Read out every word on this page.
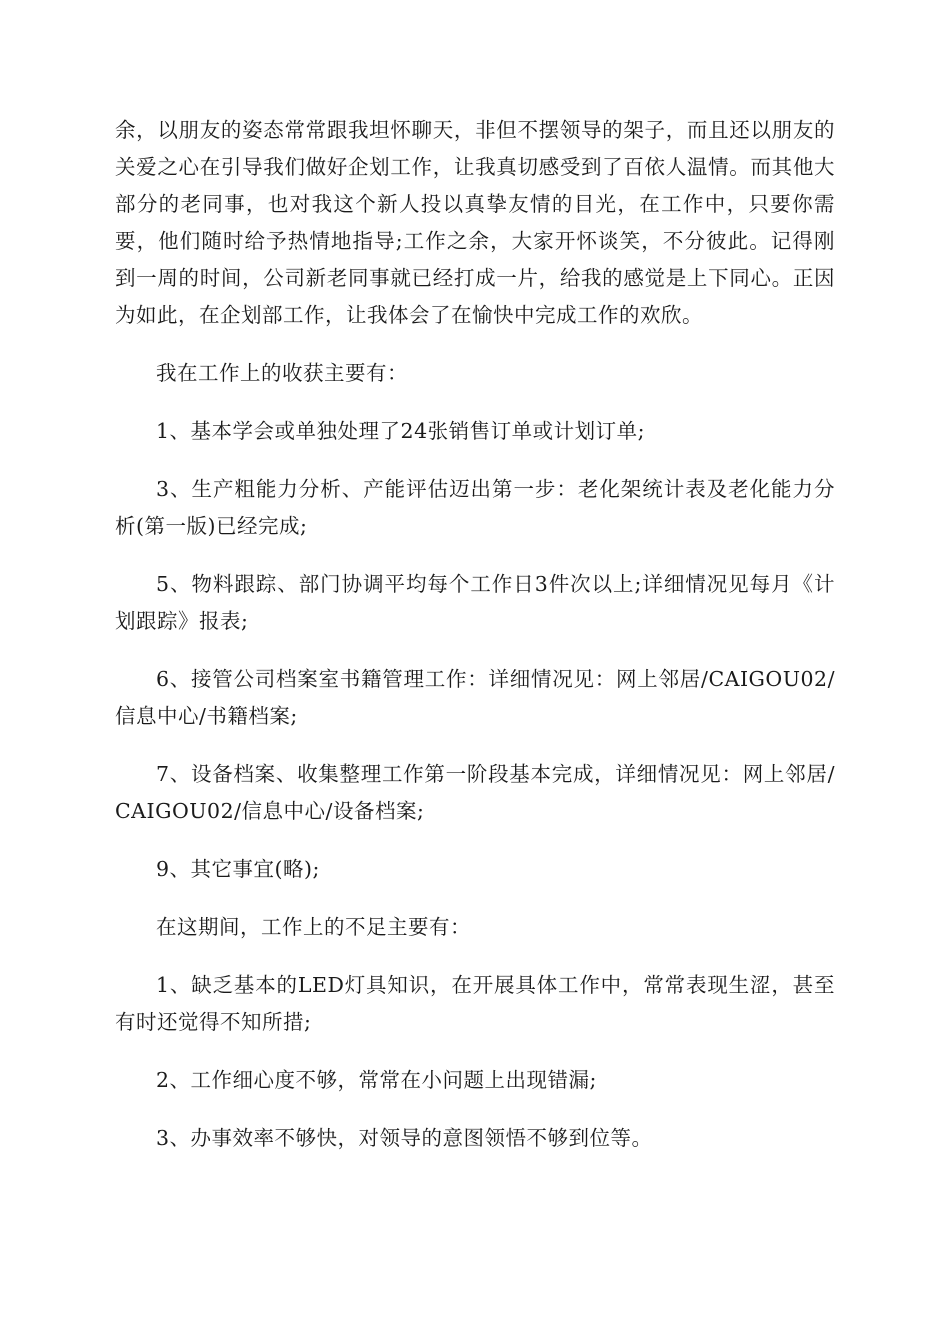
余，以朋友的姿态常常跟我坦怀聊天，非但不摆领导的架子，而且还以朋友的关爱之心在引导我们做好企划工作，让我真切感受到了百依人温情。而其他大部分的老同事，也对我这个新人投以真挚友情的目光，在工作中，只要你需要，他们随时给予热情地指导;工作之余，大家开怀谈笑，不分彼此。记得刚到一周的时间，公司新老同事就已经打成一片，给我的感觉是上下同心。正因为如此，在企划部工作，让我体会了在愉快中完成工作的欢欣。

我在工作上的收获主要有：

1、基本学会或单独处理了24张销售订单或计划订单;

3、生产粗能力分析、产能评估迈出第一步：老化架统计表及老化能力分析(第一版)已经完成;

5、物料跟踪、部门协调平均每个工作日3件次以上;详细情况见每月《计划跟踪》报表;

6、接管公司档案室书籍管理工作：详细情况见：网上邻居/CAIGOU02/信息中心/书籍档案;

7、设备档案、收集整理工作第一阶段基本完成，详细情况见：网上邻居/CAIGOU02/信息中心/设备档案;

9、其它事宜(略);

在这期间，工作上的不足主要有：

1、缺乏基本的LED灯具知识，在开展具体工作中，常常表现生涩，甚至有时还觉得不知所措;

2、工作细心度不够，常常在小问题上出现错漏;

3、办事效率不够快，对领导的意图领悟不够到位等。
